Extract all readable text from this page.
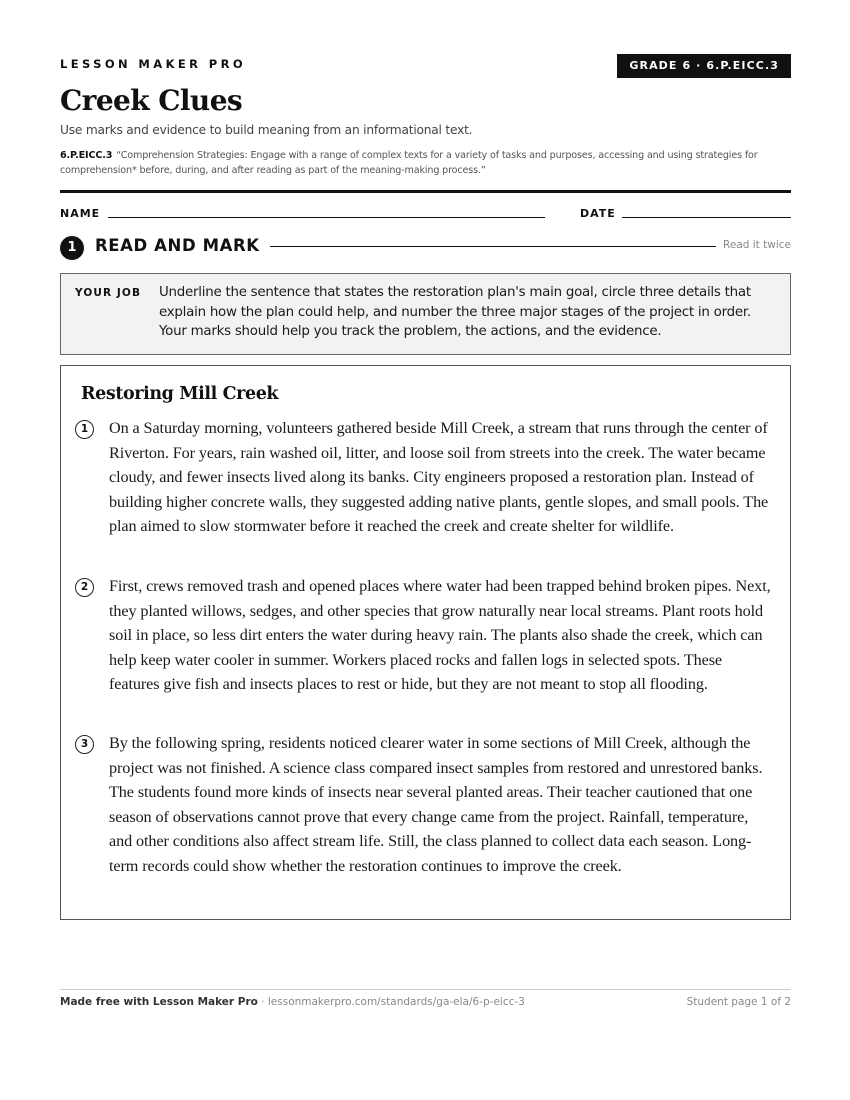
LESSON MAKER PRO	GRADE 6 · 6.P.EICC.3
Creek Clues
Use marks and evidence to build meaning from an informational text.
6.P.EICC.3 “Comprehension Strategies: Engage with a range of complex texts for a variety of tasks and purposes, accessing and using strategies for comprehension* before, during, and after reading as part of the meaning-making process.”
NAME	DATE
1	READ AND MARK	Read it twice
YOUR JOB Underline the sentence that states the restoration plan's main goal, circle three details that explain how the plan could help, and number the three major stages of the project in order. Your marks should help you track the problem, the actions, and the evidence.
Restoring Mill Creek
1	On a Saturday morning, volunteers gathered beside Mill Creek, a stream that runs through the center of Riverton. For years, rain washed oil, litter, and loose soil from streets into the creek. The water became cloudy, and fewer insects lived along its banks. City engineers proposed a restoration plan. Instead of building higher concrete walls, they suggested adding native plants, gentle slopes, and small pools. The plan aimed to slow stormwater before it reached the creek and create shelter for wildlife.

2	First, crews removed trash and opened places where water had been trapped behind broken pipes. Next, they planted willows, sedges, and other species that grow naturally near local streams. Plant roots hold soil in place, so less dirt enters the water during heavy rain. The plants also shade the creek, which can help keep water cooler in summer. Workers placed rocks and fallen logs in selected spots. These features give fish and insects places to rest or hide, but they are not meant to stop all flooding.

3	By the following spring, residents noticed clearer water in some sections of Mill Creek, although the project was not finished. A science class compared insect samples from restored and unrestored banks. The students found more kinds of insects near several planted areas. Their teacher cautioned that one season of observations cannot prove that every change came from the project. Rainfall, temperature, and other conditions also affect stream life. Still, the class planned to collect data each season. Long-term records could show whether the restoration continues to improve the creek.

Made free with Lesson Maker Pro · lessonmakerpro.com/standards/ga-ela/6-p-eicc-3	Student page 1 of 2
